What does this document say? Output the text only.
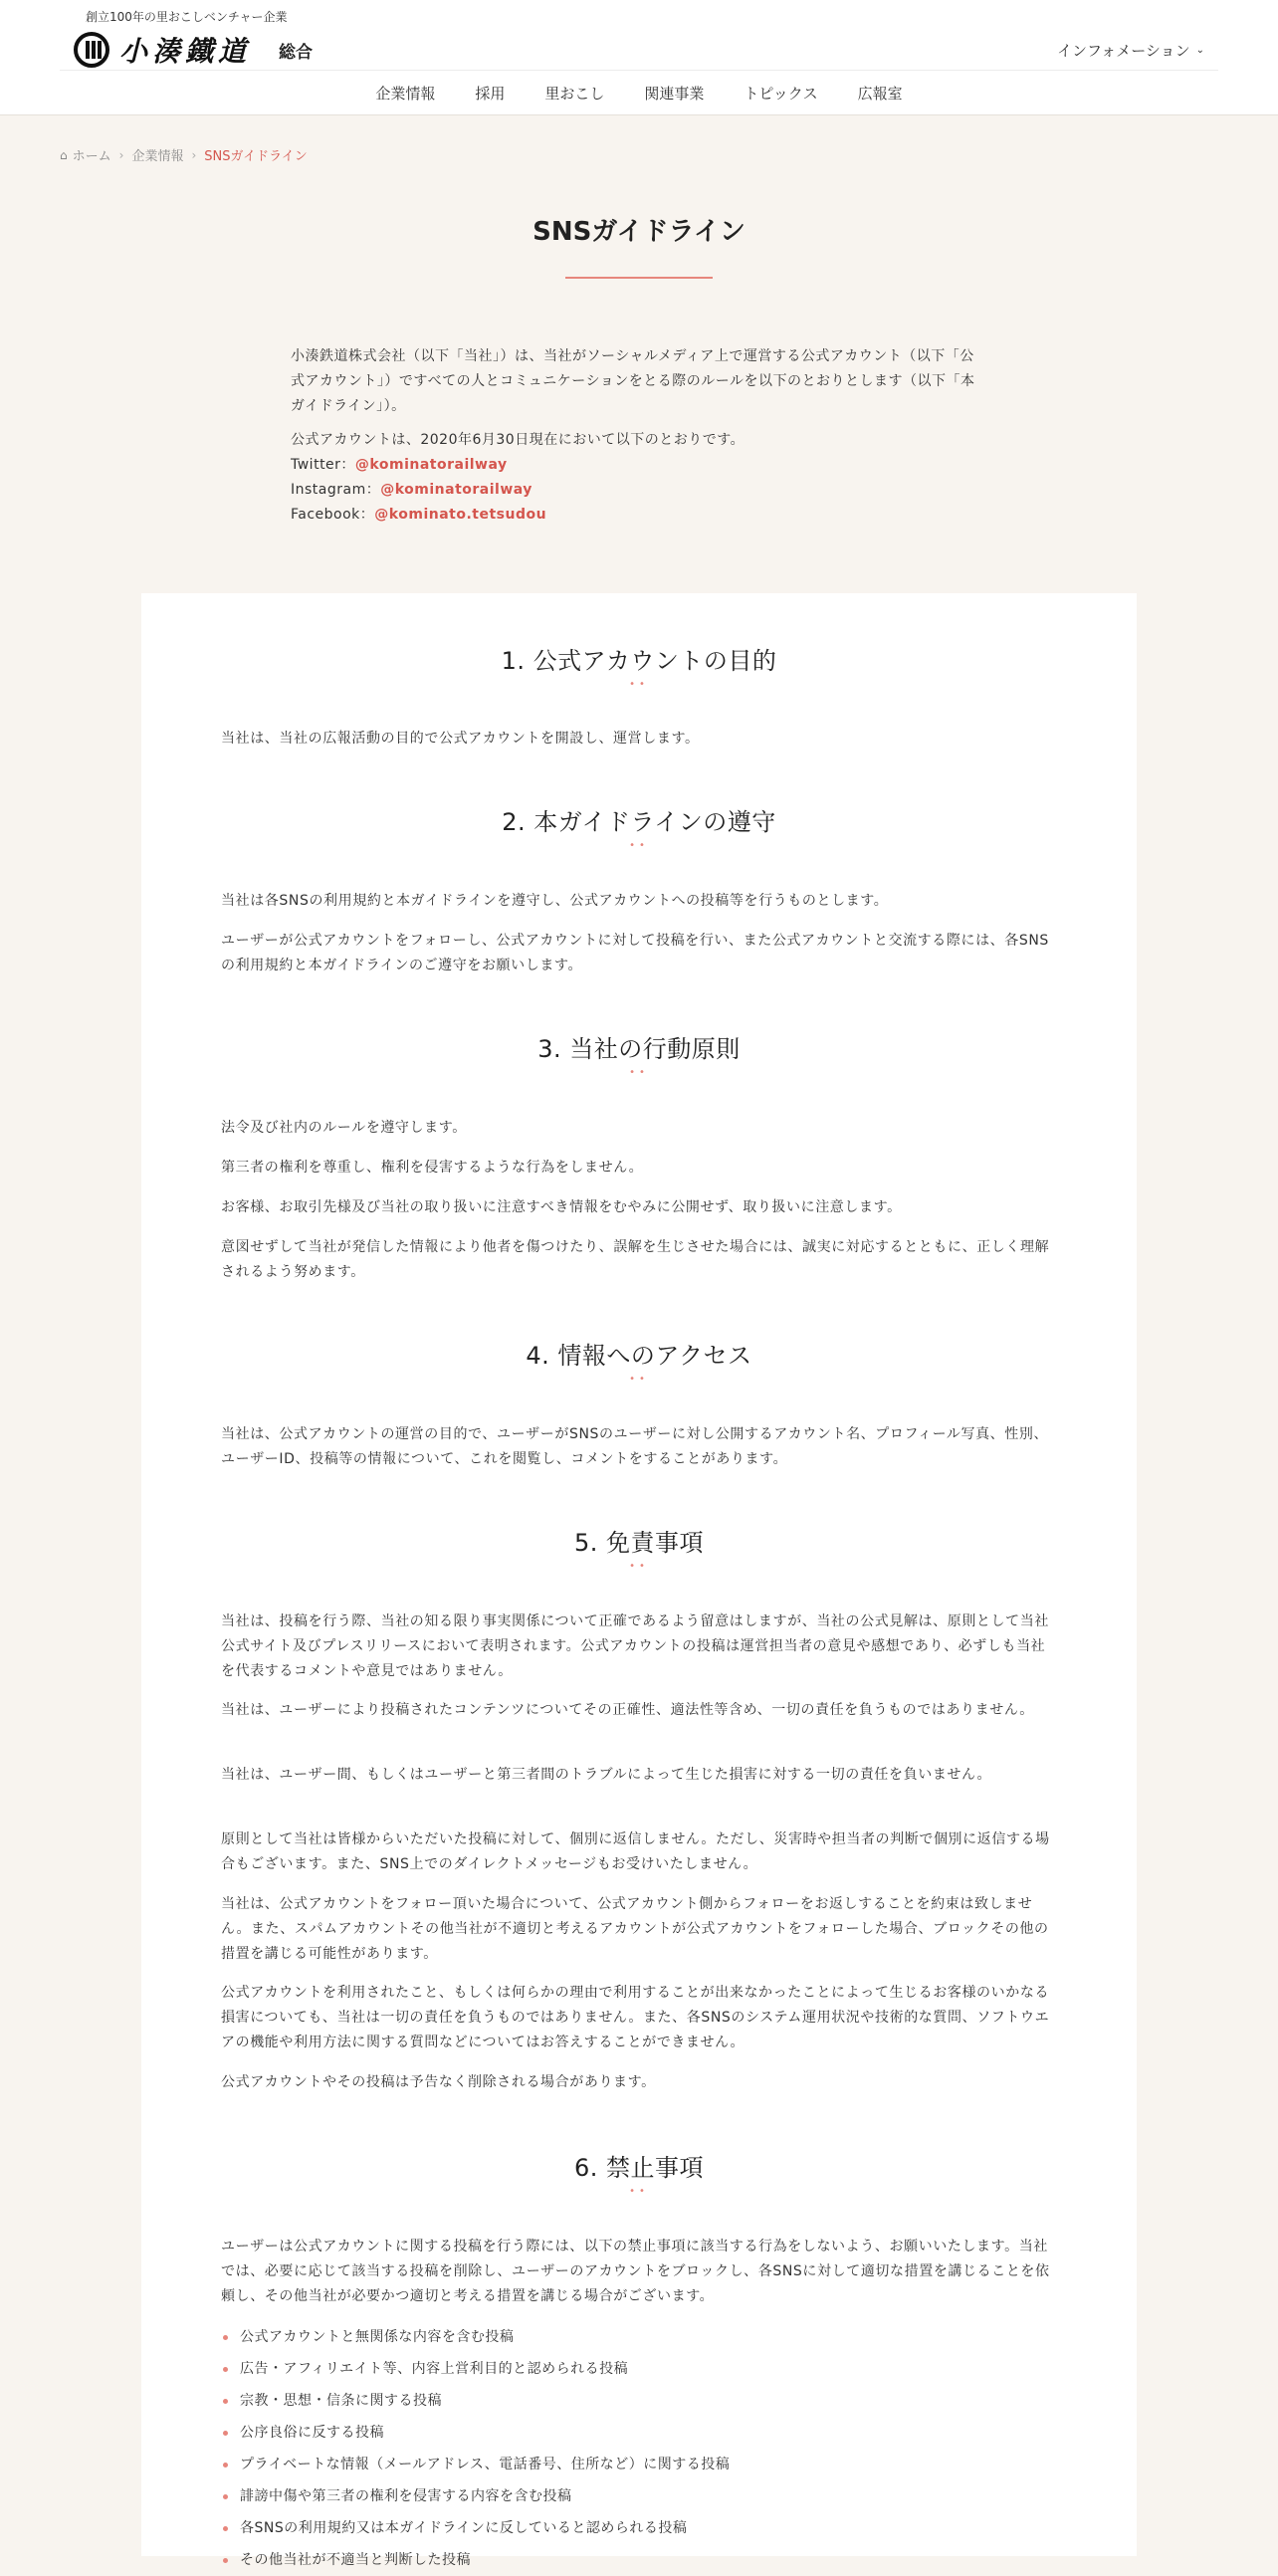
創立100年の里おこしベンチャー企業
小湊鐵道 総合	インフォメーション ⌄
企業情報	採用	里おこし	関連事業	トピックス	広報室
⌂ ホーム › 企業情報 › SNSガイドライン
SNSガイドライン

小湊鉄道株式会社（以下「当社」）は、当社がソーシャルメディア上で運営する公式アカウント（以下「公式アカウント」）ですべての人とコミュニケーションをとる際のルールを以下のとおりとします（以下「本ガイドライン」）。

公式アカウントは、2020年6月30日現在において以下のとおりです。
Twitter：@kominatorailway
Instagram：@kominatorailway
Facebook：@kominato.tetsudou
1. 公式アカウントの目的
••
当社は、当社の広報活動の目的で公式アカウントを開設し、運営します。
2. 本ガイドラインの遵守
••
当社は各SNSの利用規約と本ガイドラインを遵守し、公式アカウントへの投稿等を行うものとします。
ユーザーが公式アカウントをフォローし、公式アカウントに対して投稿を行い、また公式アカウントと交流する際には、各SNSの利用規約と本ガイドラインのご遵守をお願いします。
3. 当社の行動原則
••
法令及び社内のルールを遵守します。
第三者の権利を尊重し、権利を侵害するような行為をしません。
お客様、お取引先様及び当社の取り扱いに注意すべき情報をむやみに公開せず、取り扱いに注意します。
意図せずして当社が発信した情報により他者を傷つけたり、誤解を生じさせた場合には、誠実に対応するとともに、正しく理解されるよう努めます。
4. 情報へのアクセス
••
当社は、公式アカウントの運営の目的で、ユーザーがSNSのユーザーに対し公開するアカウント名、プロフィール写真、性別、ユーザーID、投稿等の情報について、これを閲覧し、コメントをすることがあります。
5. 免責事項
••
当社は、投稿を行う際、当社の知る限り事実関係について正確であるよう留意はしますが、当社の公式見解は、原則として当社公式サイト及びプレスリリースにおいて表明されます。公式アカウントの投稿は運営担当者の意見や感想であり、必ずしも当社を代表するコメントや意見ではありません。
当社は、ユーザーにより投稿されたコンテンツについてその正確性、適法性等含め、一切の責任を負うものではありません。
当社は、ユーザー間、もしくはユーザーと第三者間のトラブルによって生じた損害に対する一切の責任を負いません。
原則として当社は皆様からいただいた投稿に対して、個別に返信しません。ただし、災害時や担当者の判断で個別に返信する場合もございます。また、SNS上でのダイレクトメッセージもお受けいたしません。
当社は、公式アカウントをフォロー頂いた場合について、公式アカウント側からフォローをお返しすることを約束は致しません。また、スパムアカウントその他当社が不適切と考えるアカウントが公式アカウントをフォローした場合、ブロックその他の措置を講じる可能性があります。
公式アカウントを利用されたこと、もしくは何らかの理由で利用することが出来なかったことによって生じるお客様のいかなる損害についても、当社は一切の責任を負うものではありません。また、各SNSのシステム運用状況や技術的な質問、ソフトウエアの機能や利用方法に関する質問などについてはお答えすることができません。
公式アカウントやその投稿は予告なく削除される場合があります。
6. 禁止事項
••
ユーザーは公式アカウントに関する投稿を行う際には、以下の禁止事項に該当する行為をしないよう、お願いいたします。当社では、必要に応じて該当する投稿を削除し、ユーザーのアカウントをブロックし、各SNSに対して適切な措置を講じることを依頼し、その他当社が必要かつ適切と考える措置を講じる場合がございます。
公式アカウントと無関係な内容を含む投稿
広告・アフィリエイト等、内容上営利目的と認められる投稿
宗教・思想・信条に関する投稿
公序良俗に反する投稿
プライベートな情報（メールアドレス、電話番号、住所など）に関する投稿
誹謗中傷や第三者の権利を侵害する内容を含む投稿
各SNSの利用規約又は本ガイドラインに反していると認められる投稿
その他当社が不適当と判断した投稿
